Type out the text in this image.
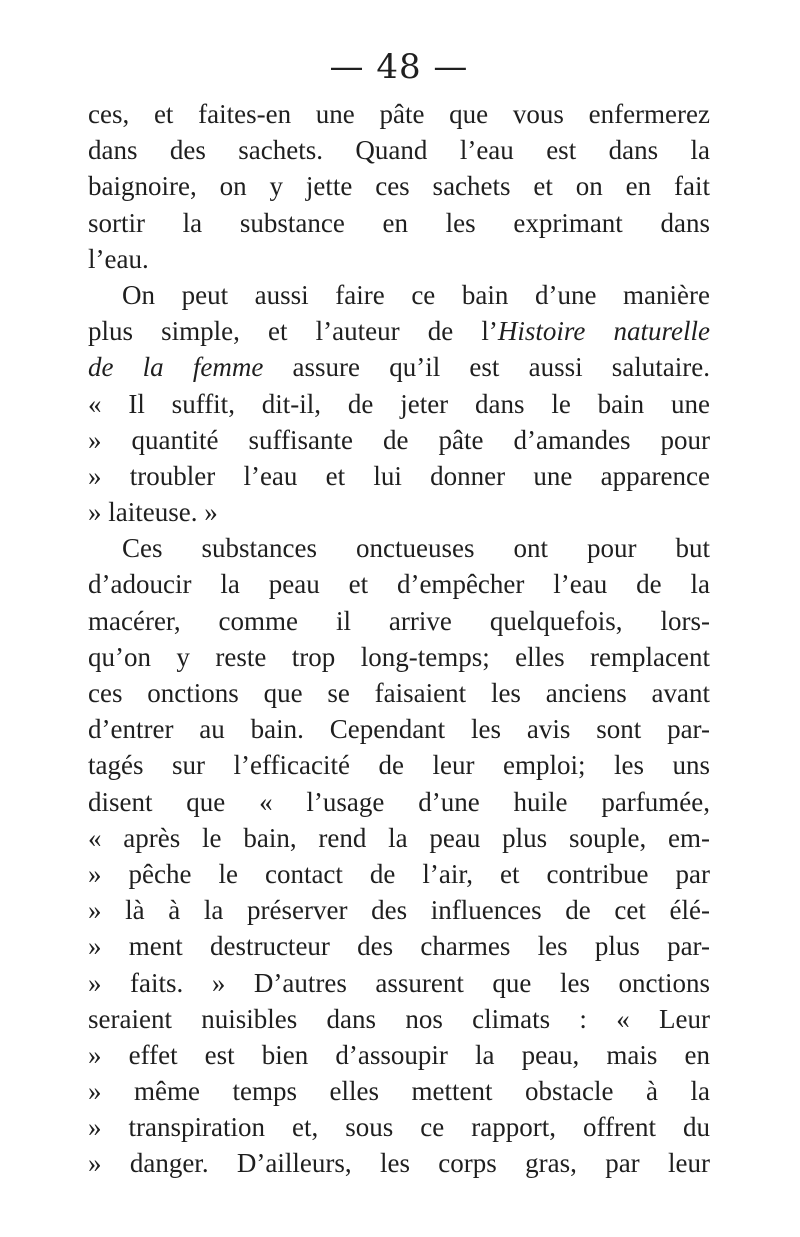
— 48 —
ces, et faites-en une pâte que vous enfermerez
dans des sachets. Quand l’eau est dans la
baignoire, on y jette ces sachets et on en fait
sortir la substance en les exprimant dans
l’eau.
On peut aussi faire ce bain d’une manière
plus simple, et l’auteur de l’Histoire naturelle
de la femme assure qu’il est aussi salutaire.
« Il suffit, dit-il, de jeter dans le bain une
» quantité suffisante de pâte d’amandes pour
» troubler l’eau et lui donner une apparence
» laiteuse. »
Ces substances onctueuses ont pour but
d’adoucir la peau et d’empêcher l’eau de la
macérer, comme il arrive quelquefois, lors-
qu’on y reste trop long-temps; elles remplacent
ces onctions que se faisaient les anciens avant
d’entrer au bain. Cependant les avis sont par-
tagés sur l’efficacité de leur emploi; les uns
disent que « l’usage d’une huile parfumée,
« après le bain, rend la peau plus souple, em-
» pêche le contact de l’air, et contribue par
» là à la préserver des influences de cet élé-
» ment destructeur des charmes les plus par-
» faits. » D’autres assurent que les onctions
seraient nuisibles dans nos climats : « Leur
» effet est bien d’assoupir la peau, mais en
» même temps elles mettent obstacle à la
» transpiration et, sous ce rapport, offrent du
» danger. D’ailleurs, les corps gras, par leur
